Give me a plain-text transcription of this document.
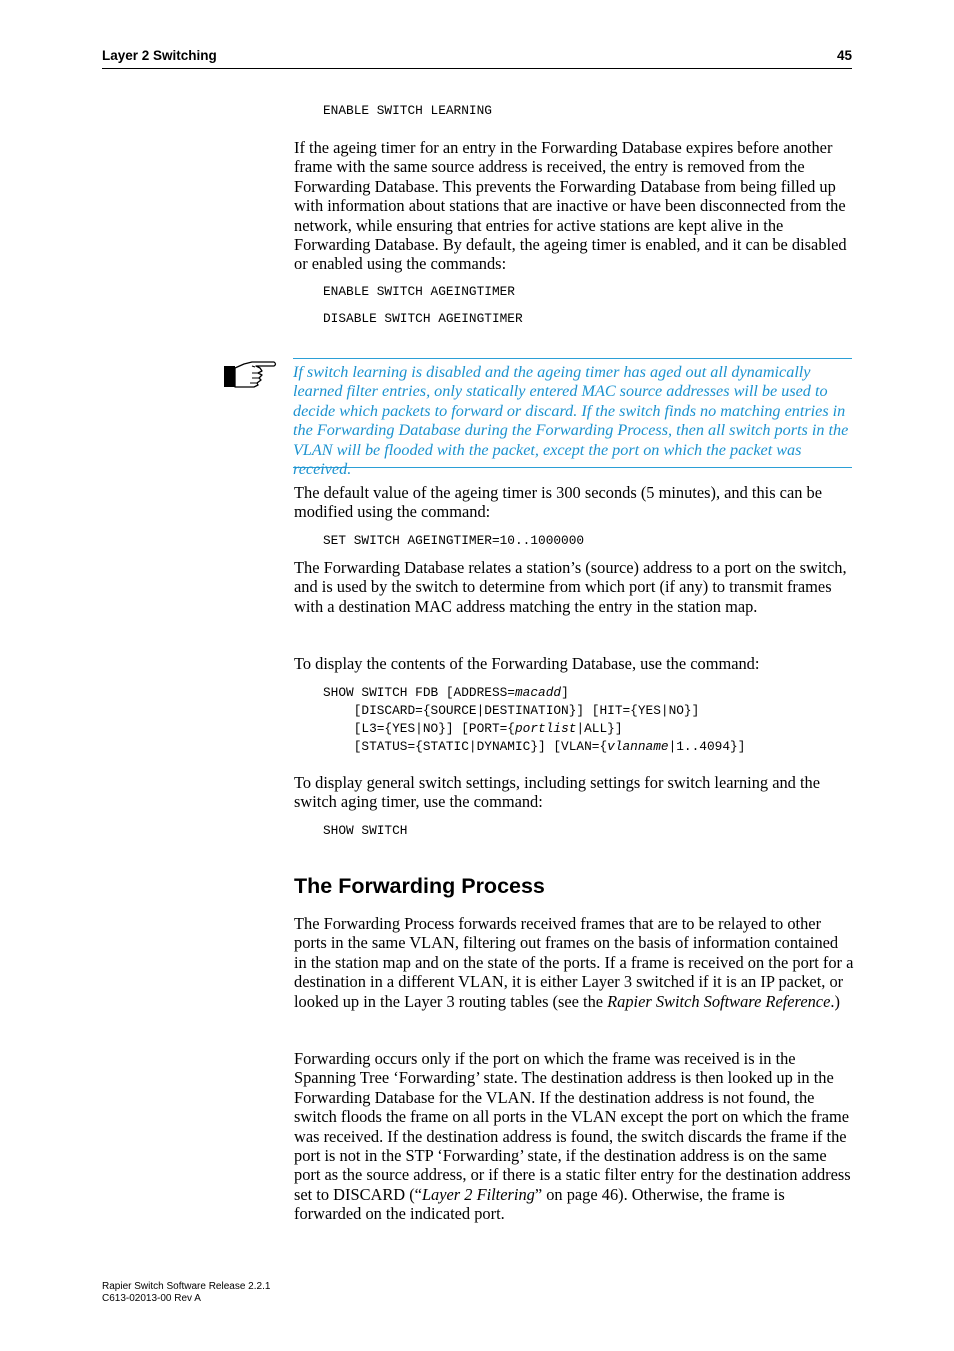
Layer 2 Switching	45
ENABLE SWITCH LEARNING
If the ageing timer for an entry in the Forwarding Database expires before another frame with the same source address is received, the entry is removed from the Forwarding Database. This prevents the Forwarding Database from being filled up with information about stations that are inactive or have been disconnected from the network, while ensuring that entries for active stations are kept alive in the Forwarding Database. By default, the ageing timer is enabled, and it can be disabled or enabled using the commands:
ENABLE SWITCH AGEINGTIMER
DISABLE SWITCH AGEINGTIMER
If switch learning is disabled and the ageing timer has aged out all dynamically learned filter entries, only statically entered MAC source addresses will be used to decide which packets to forward or discard. If the switch finds no matching entries in the Forwarding Database during the Forwarding Process, then all switch ports in the VLAN will be flooded with the packet, except the port on which the packet was received.
The default value of the ageing timer is 300 seconds (5 minutes), and this can be modified using the command:
SET SWITCH AGEINGTIMER=10..1000000
The Forwarding Database relates a station’s (source) address to a port on the switch, and is used by the switch to determine from which port (if any) to transmit frames with a destination MAC address matching the entry in the station map.
To display the contents of the Forwarding Database, use the command:
SHOW SWITCH FDB [ADDRESS=macadd]
[DISCARD={SOURCE|DESTINATION}] [HIT={YES|NO}]
[L3={YES|NO}] [PORT={portlist|ALL}]
[STATUS={STATIC|DYNAMIC}] [VLAN={vlanname|1..4094}]
To display general switch settings, including settings for switch learning and the switch aging timer, use the command:
SHOW SWITCH
The Forwarding Process
The Forwarding Process forwards received frames that are to be relayed to other ports in the same VLAN, filtering out frames on the basis of information contained in the station map and on the state of the ports. If a frame is received on the port for a destination in a different VLAN, it is either Layer 3 switched if it is an IP packet, or looked up in the Layer 3 routing tables (see the Rapier Switch Software Reference.)
Forwarding occurs only if the port on which the frame was received is in the Spanning Tree ‘Forwarding’ state. The destination address is then looked up in the Forwarding Database for the VLAN. If the destination address is not found, the switch floods the frame on all ports in the VLAN except the port on which the frame was received. If the destination address is found, the switch discards the frame if the port is not in the STP ‘Forwarding’ state, if the destination address is on the same port as the source address, or if there is a static filter entry for the destination address set to DISCARD (“Layer 2 Filtering” on page 46). Otherwise, the frame is forwarded on the indicated port.
Rapier Switch Software Release 2.2.1
C613-02013-00 Rev A
